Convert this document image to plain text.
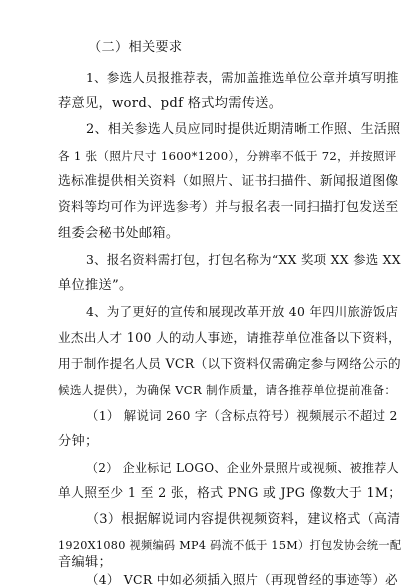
（二）相关要求
1、参选人员报推荐表，需加盖推选单位公章并填写明推
荐意见，word、pdf 格式均需传送。
2、相关参选人员应同时提供近期清晰工作照、生活照
各 1 张（照片尺寸 1600*1200），分辨率不低于 72，并按照评
选标准提供相关资料（如照片、证书扫描件、新闻报道图像
资料等均可作为评选参考）并与报名表一同扫描打包发送至
组委会秘书处邮箱。
3、报名资料需打包，打包名称为“XX 奖项 XX 参选 XX
单位推送”。
4、为了更好的宣传和展现改革开放 40 年四川旅游饭店
业杰出人才 100 人的动人事迹，请推荐单位准备以下资料，
用于制作提名人员 VCR（以下资料仅需确定参与网络公示的
候选人提供），为确保 VCR 制作质量，请各推荐单位提前准备：
（1） 解说词 260 字（含标点符号）视频展示不超过 2
分钟；
（2） 企业标记 LOGO、企业外景照片或视频、被推荐人
单人照至少 1 至 2 张，格式 PNG 或 JPG 像数大于 1M；
（3）根据解说词内容提供视频资料，建议格式（高清
1920X1080 视频编码 MP4 码流不低于 15M）打包发协会统一配
音编辑；
（4） VCR 中如必须插入照片（再现曾经的事迹等）必
